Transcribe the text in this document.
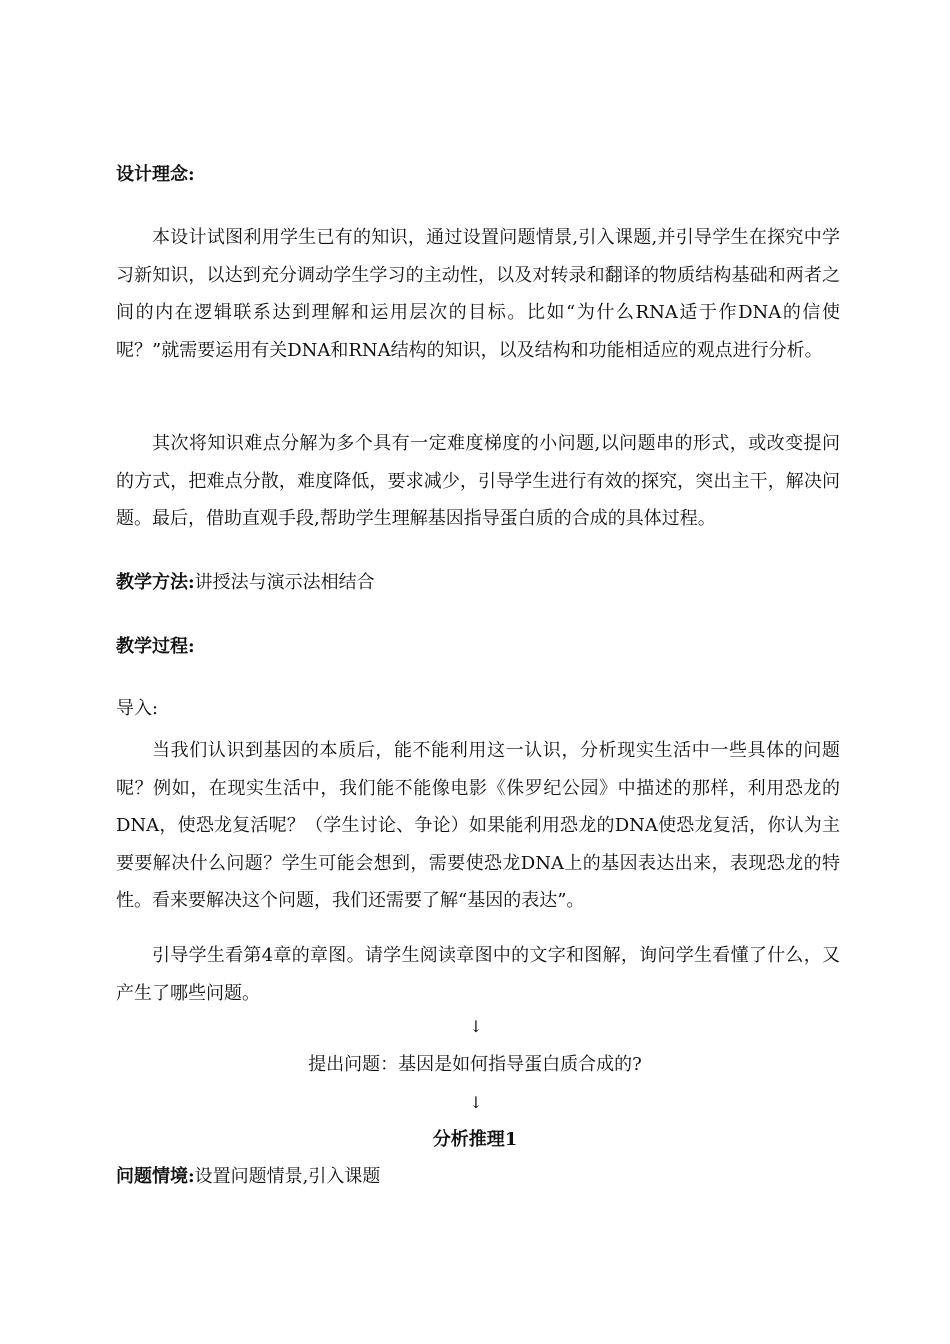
设计理念:

本设计试图利用学生已有的知识，通过设置问题情景,引入课题,并引导学生在探究中学习新知识，以达到充分调动学生学习的主动性，以及对转录和翻译的物质结构基础和两者之间的内在逻辑联系达到理解和运用层次的目标。比如“为什么RNA适于作DNA的信使呢？”就需要运用有关DNA和RNA结构的知识，以及结构和功能相适应的观点进行分析。

其次将知识难点分解为多个具有一定难度梯度的小问题,以问题串的形式，或改变提问的方式，把难点分散，难度降低，要求减少，引导学生进行有效的探究，突出主干，解决问题。最后，借助直观手段,帮助学生理解基因指导蛋白质的合成的具体过程。

教学方法:讲授法与演示法相结合
教学过程:
导入:

当我们认识到基因的本质后，能不能利用这一认识，分析现实生活中一些具体的问题呢？例如，在现实生活中，我们能不能像电影《侏罗纪公园》中描述的那样，利用恐龙的DNA，使恐龙复活呢？（学生讨论、争论）如果能利用恐龙的DNA使恐龙复活，你认为主要要解决什么问题？学生可能会想到，需要使恐龙DNA上的基因表达出来，表现恐龙的特性。看来要解决这个问题，我们还需要了解“基因的表达”。

引导学生看第4章的章图。请学生阅读章图中的文字和图解，询问学生看懂了什么，又产生了哪些问题。

↓
提出问题：基因是如何指导蛋白质合成的?
↓
分析推理1
问题情境:设置问题情景,引入课题
